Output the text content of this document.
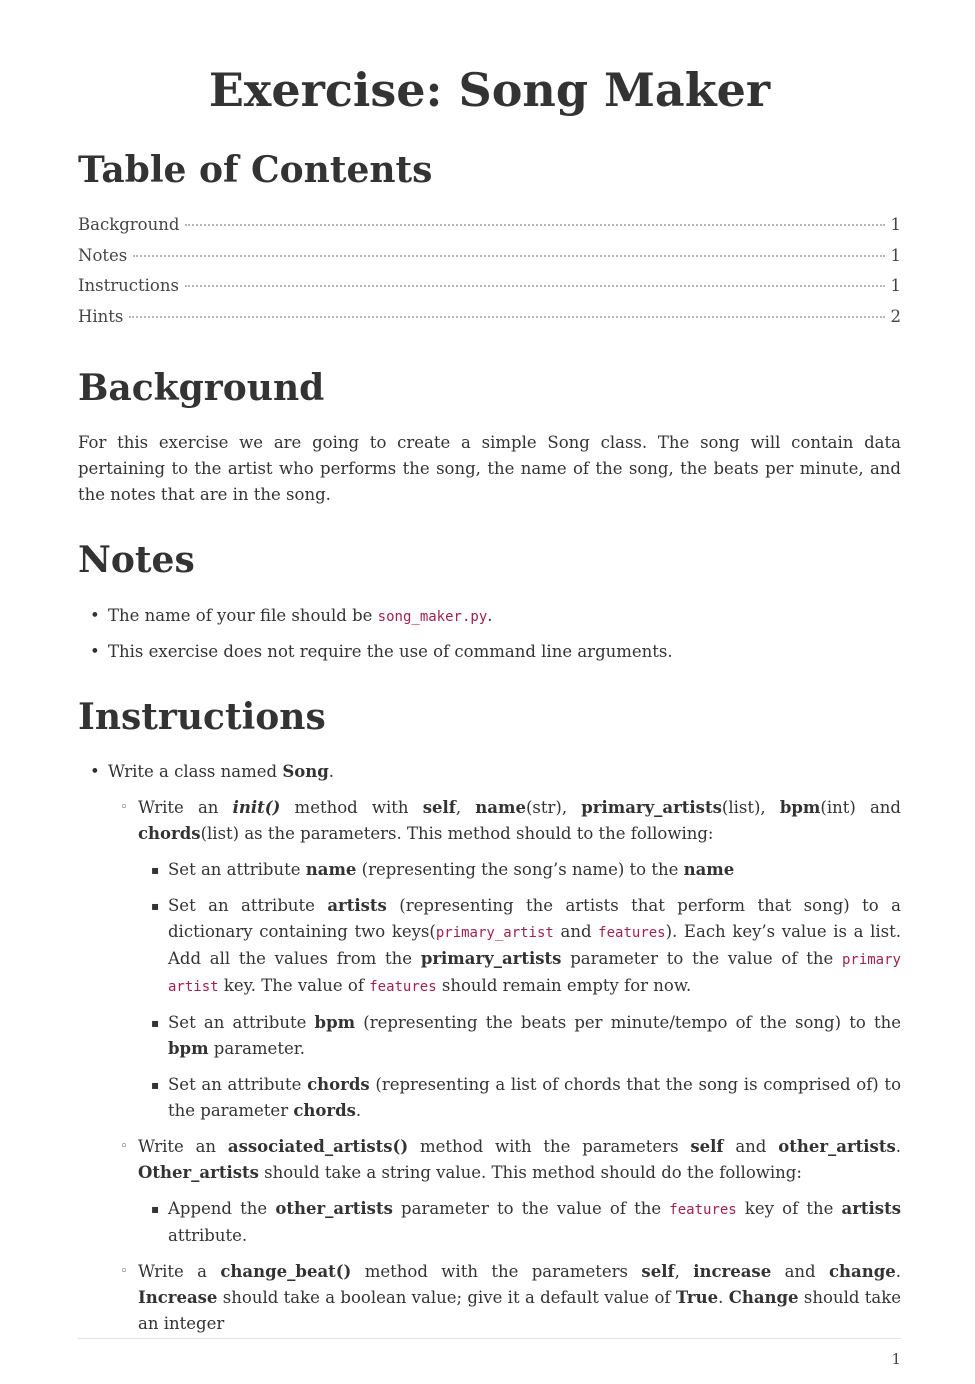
Exercise: Song Maker
Table of Contents
Background	1
Notes	1
Instructions	1
Hints	2
Background

For this exercise we are going to create a simple Song class. The song will contain data pertaining to the artist who performs the song, the name of the song, the beats per minute, and the notes that are in the song.

Notes
• The name of your file should be song_maker.py.
• This exercise does not require the use of command line arguments.
Instructions
• Write a class named Song.
◦ Write an init() method with self, name(str), primary_artists(list), bpm(int) and chords(list) as the parameters. This method should to the following:
▪ Set an attribute name (representing the song’s name) to the name
▪ Set an attribute artists (representing the artists that perform that song) to a dictionary containing two keys(primary_artist and features). Each key’s value is a list. Add all the values from the primary_artists parameter to the value of the primary artist key. The value of features should remain empty for now.
▪ Set an attribute bpm (representing the beats per minute/tempo of the song) to the bpm parameter.
▪ Set an attribute chords (representing a list of chords that the song is comprised of) to the parameter chords.
◦ Write an associated_artists() method with the parameters self and other_artists. Other_artists should take a string value. This method should do the following:
▪ Append the other_artists parameter to the value of the features key of the artists attribute.
◦ Write a change_beat() method with the parameters self, increase and change. Increase should take a boolean value; give it a default value of True. Change should take an integer
1
